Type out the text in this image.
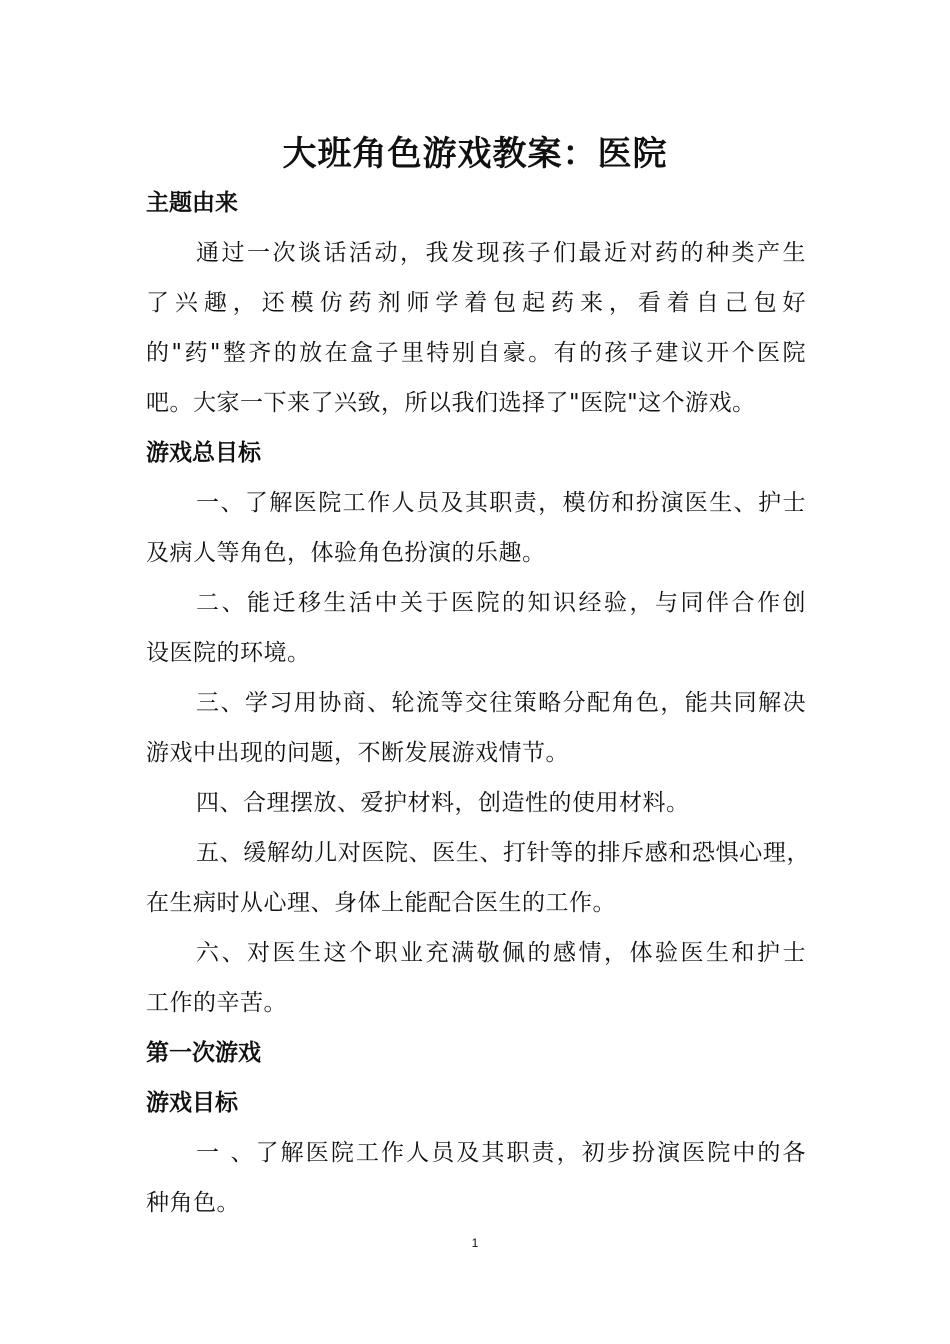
大班角色游戏教案：医院
主题由来
通过一次谈话活动，我发现孩子们最近对药的种类产生
了兴趣，还模仿药剂师学着包起药来，看着自己包好
的"药"整齐的放在盒子里特别自豪。有的孩子建议开个医院
吧。大家一下来了兴致，所以我们选择了"医院"这个游戏。
游戏总目标
一、了解医院工作人员及其职责，模仿和扮演医生、护士
及病人等角色，体验角色扮演的乐趣。
二、能迁移生活中关于医院的知识经验，与同伴合作创
设医院的环境。
三、学习用协商、轮流等交往策略分配角色，能共同解决
游戏中出现的问题，不断发展游戏情节。
四、合理摆放、爱护材料，创造性的使用材料。
五、缓解幼儿对医院、医生、打针等的排斥感和恐惧心理，
在生病时从心理、身体上能配合医生的工作。
六、对医生这个职业充满敬佩的感情，体验医生和护士
工作的辛苦。
第一次游戏
游戏目标
一 、了解医院工作人员及其职责，初步扮演医院中的各
种角色。
1
